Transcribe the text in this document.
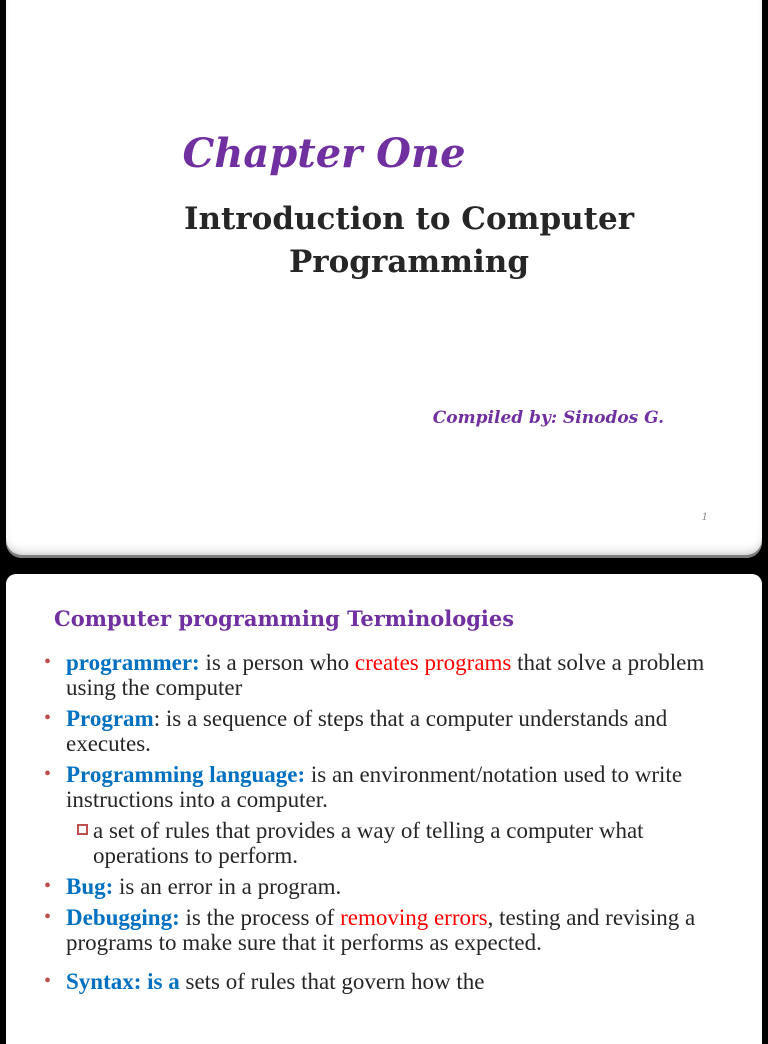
Chapter One
Introduction to Computer
Programming
Compiled by: Sinodos G.
1
Computer programming Terminologies
• programmer: is a person who creates programs that solve a problem using the computer
• Program: is a sequence of steps that a computer understands and executes.
• Programming language: is an environment/notation used to write instructions into a computer.
a set of rules that provides a way of telling a computer what operations to perform.
• Bug: is an error in a program.
• Debugging: is the process of removing errors, testing and revising a programs to make sure that it performs as expected.
• Syntax: is a sets of rules that govern how the
